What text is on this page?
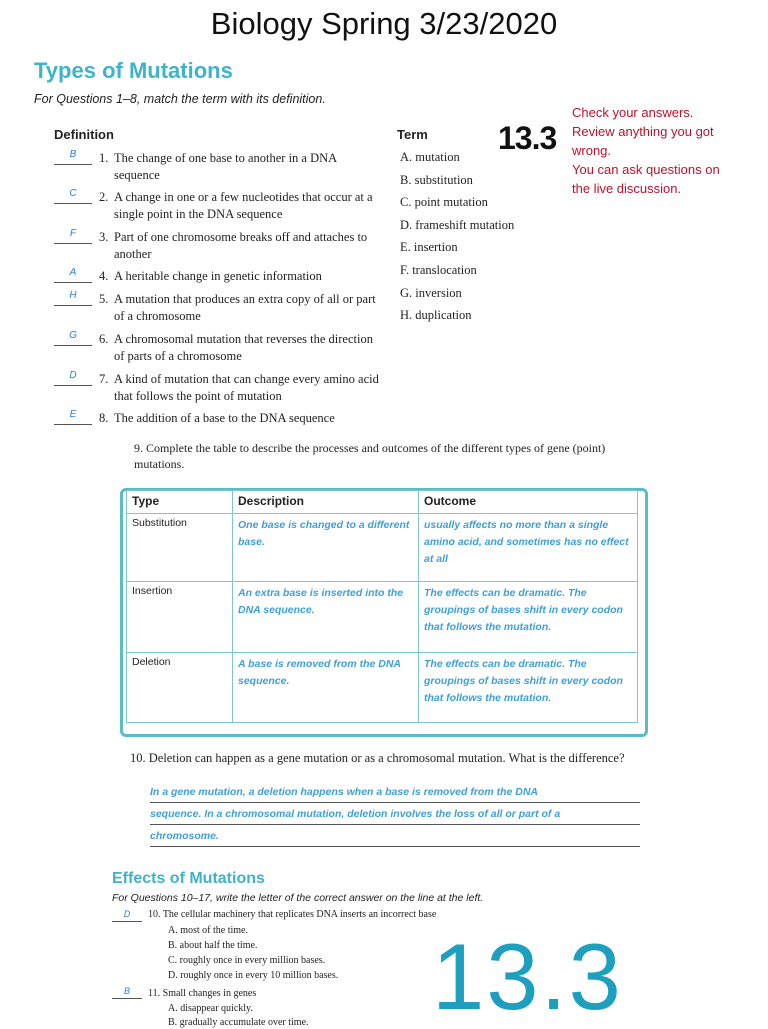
Biology Spring 3/23/2020
Types of Mutations
For Questions 1–8, match the term with its definition.
Definition	Term 13.3
Check your answers.
Review anything you got
wrong.
You can ask questions on
the live discussion.
B	1. The change of one base to another in a DNA sequence
C	2. A change in one or a few nucleotides that occur at a single point in the DNA sequence
F	3. Part of one chromosome breaks off and attaches to another
A	4. A heritable change in genetic information
H	5. A mutation that produces an extra copy of all or part of a chromosome
G	6. A chromosomal mutation that reverses the direction of parts of a chromosome
D	7. A kind of mutation that can change every amino acid that follows the point of mutation
E	8. The addition of a base to the DNA sequence
A. mutation
B. substitution
C. point mutation
D. frameshift mutation
E. insertion
F. translocation
G. inversion
H. duplication
9. Complete the table to describe the processes and outcomes of the different types of gene (point) mutations.
Type	Description	Outcome
Substitution	One base is changed to a different base.	usually affects no more than a single amino acid, and sometimes has no effect at all
Insertion	An extra base is inserted into the DNA sequence.	The effects can be dramatic. The groupings of bases shift in every codon that follows the mutation.
Deletion	A base is removed from the DNA sequence.	The effects can be dramatic. The groupings of bases shift in every codon that follows the mutation.
10. Deletion can happen as a gene mutation or as a chromosomal mutation. What is the difference?
In a gene mutation, a deletion happens when a base is removed from the DNA
sequence. In a chromosomal mutation, deletion involves the loss of all or part of a
chromosome.
Effects of Mutations
For Questions 10–17, write the letter of the correct answer on the line at the left.
D	10. The cellular machinery that replicates DNA inserts an incorrect base
A. most of the time.
B. about half the time.
C. roughly once in every million bases.
D. roughly once in every 10 million bases.
B	11. Small changes in genes
A. disappear quickly.
B. gradually accumulate over time. 13.3
